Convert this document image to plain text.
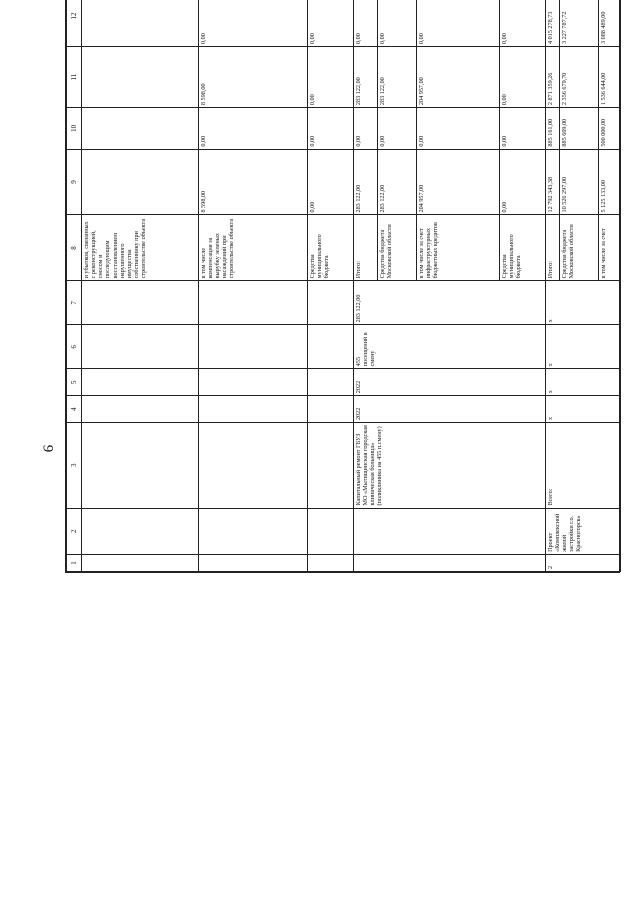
9
1	2	3	4	5	6	7	8	9	10	11	12							
							и убытков, связанных с реконструкцией, сносом и последующим восстановлением нарушенного имущества собственнику при строительстве объекта											
							в том числе компенсация за вырубку зеленых насаждений при строительстве объекта	8 598,00	0,00	8 598,00	0,00							
							Средства муниципального бюджета	0,00	0,00	0,00	0,00							
		Капитальный ремонт ГБУЗ МО «Мытищинская городская клиническая больница» (поликлиника на 455 п.смену)	2022	2022	455 посещений в смену	283 122,00	Итого:	283 122,00	0,00	283 122,00	0,00							
							Средства бюджета Московской области	283 122,00	0,00	283 122,00	0,00						
							в том числе за счет инфраструктурных бюджетных кредитов	204 957,00	0,00	204 957,00	0,00						
							Средства муниципального бюджета	0,00	0,00	0,00	0,00						
2	Проект «Комплексной жилой застройки г.о. Красногорск»	Всего:	х	х	х	х	Итого:	12 792 343,38	885 161,00	2 871 359,26	4 015 278,73							
							Средства бюджета Московской области	10 526 297,00	885 609,00	2 356 679,70	3 227 787,72						
							в том числе за счет	5 125 133,00	500 000,00	1 536 644,00	3 088 489,00						
